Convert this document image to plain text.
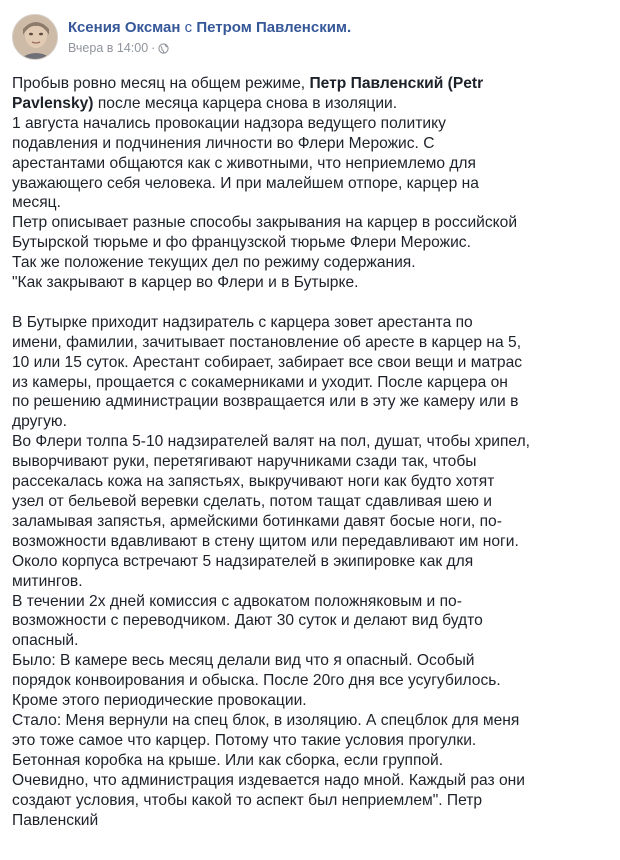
Ксения Оксман с Петром Павленским.
Вчера в 14:00 ·

Пробыв ровно месяц на общем режиме, Петр Павленский (Petr

Pavlensky) после месяца карцера снова в изоляции.

1 августа начались провокации надзора ведущего политику

подавления и подчинения личности во Флери Мерожис. С

арестантами общаются как с животными, что неприемлемо для

уважающего себя человека. И при малейшем отпоре, карцер на

месяц.

Петр описывает разные способы закрывания на карцер в российской

Бутырской тюрьме и фо французской тюрьме Флери Мерожис.

Так же положение текущих дел по режиму содержания.

"Как закрывают в карцер во Флери и в Бутырке.

В Бутырке приходит надзиратель с карцера зовет арестанта по

имени, фамилии, зачитывает постановление об аресте в карцер на 5,

10 или 15 суток. Арестант собирает, забирает все свои вещи и матрас

из камеры, прощается с сокамерниками и уходит. После карцера он

по решению администрации возвращается или в эту же камеру или в

другую.

Во Флери толпа 5-10 надзирателей валят на пол, душат, чтобы хрипел,

выворчивают руки, перетягивают наручниками сзади так, чтобы

рассекалась кожа на запястьях, выкручивают ноги как будто хотят

узел от бельевой веревки сделать, потом тащат сдавливая шею и

заламывая запястья, армейскими ботинками давят босые ноги, по-

возможности вдавливают в стену щитом или передавливают им ноги.

Около корпуса встречают 5 надзирателей в экипировке как для

митингов.

В течении 2х дней комиссия с адвокатом положняковым и по-

возможности с переводчиком. Дают 30 суток и делают вид будто

опасный.

Было: В камере весь месяц делали вид что я опасный. Особый

порядок конвоирования и обыска. После 20го дня все усугубилось.

Кроме этого периодические провокации.

Стало: Меня вернули на спец блок, в изоляцию. А спецблок для меня

это тоже самое что карцер. Потому что такие условия прогулки.

Бетонная коробка на крыше. Или как сборка, если группой.

Очевидно, что администрация издевается надо мной. Каждый раз они

создают условия, чтобы какой то аспект был неприемлем". Петр

Павленский
